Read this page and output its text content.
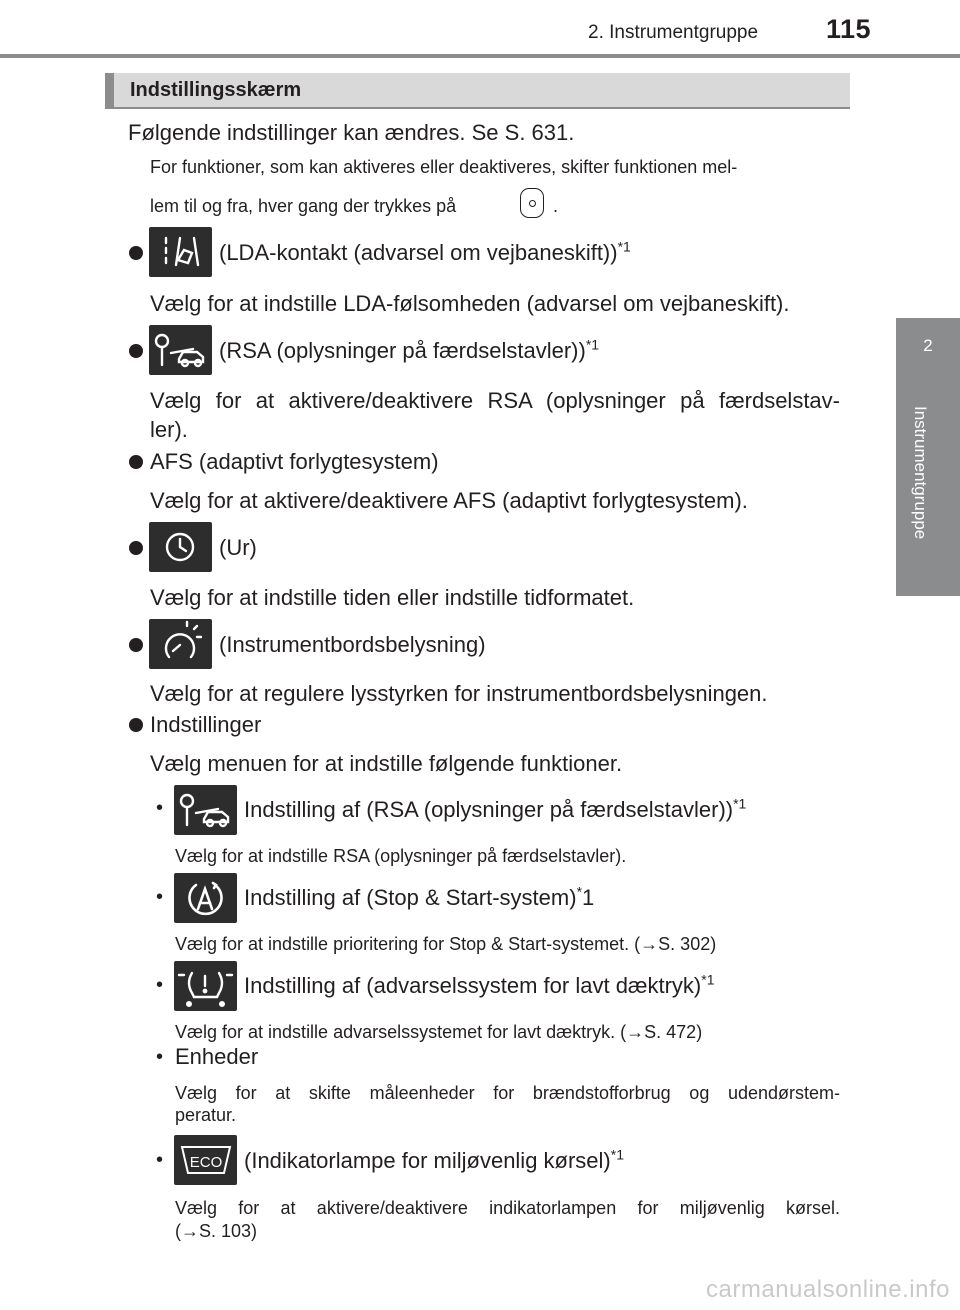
2. Instrumentgruppe	115
2
Instrumentgruppe
Indstillingsskærm
Følgende indstillinger kan ændres. Se S. 631.
For funktioner, som kan aktiveres eller deaktiveres, skifter funktionen mel-
lem til og fra, hver gang der trykkes på	.
(LDA-kontakt (advarsel om vejbaneskift))$^{*1}$
Vælg for at indstille LDA-følsomheden (advarsel om vejbaneskift).
(RSA (oplysninger på færdselstavler))$^{*1}$
Vælg for at aktivere/deaktivere RSA (oplysninger på færdselstav-
ler).
AFS (adaptivt forlygtesystem)
Vælg for at aktivere/deaktivere AFS (adaptivt forlygtesystem).
(Ur)
Vælg for at indstille tiden eller indstille tidformatet.
(Instrumentbordsbelysning)
Vælg for at regulere lysstyrken for instrumentbordsbelysningen.
Indstillinger
Vælg menuen for at indstille følgende funktioner.
•	Indstilling af (RSA (oplysninger på færdselstavler))$^{*1}$
Vælg for at indstille RSA (oplysninger på færdselstavler).
•	Indstilling af (Stop & Start-system)*1
Vælg for at indstille prioritering for Stop & Start-systemet. (→S. 302)
•	Indstilling af (advarselssystem for lavt dæktryk)$^{*1}$
Vælg for at indstille advarselssystemet for lavt dæktryk. (→S. 472)
• Enheder
Vælg for at skifte måleenheder for brændstofforbrug og udendørstem-
peratur.
• ECO (Indikatorlampe for miljøvenlig kørsel)$^{*1}$
Vælg for at aktivere/deaktivere indikatorlampen for miljøvenlig kørsel.
(→S. 103)
carmanualsonline.info
